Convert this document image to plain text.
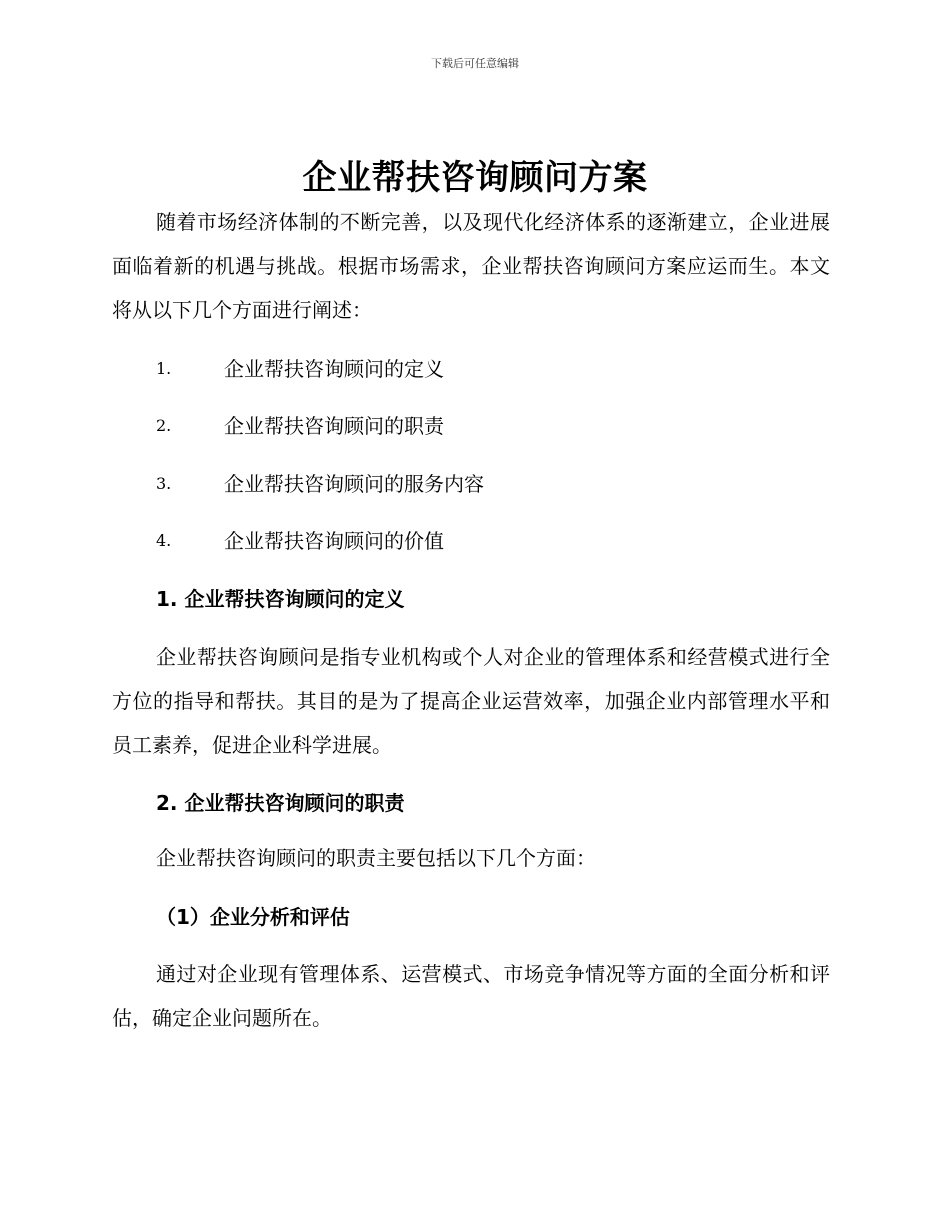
下载后可任意编辑
企业帮扶咨询顾问方案

随着市场经济体制的不断完善，以及现代化经济体系的逐渐建立，企业进展面临着新的机遇与挑战。根据市场需求，企业帮扶咨询顾问方案应运而生。本文将从以下几个方面进行阐述：

1.	企业帮扶咨询顾问的定义
2.	企业帮扶咨询顾问的职责
3.	企业帮扶咨询顾问的服务内容
4.	企业帮扶咨询顾问的价值
1. 企业帮扶咨询顾问的定义

企业帮扶咨询顾问是指专业机构或个人对企业的管理体系和经营模式进行全方位的指导和帮扶。其目的是为了提高企业运营效率，加强企业内部管理水平和员工素养，促进企业科学进展。

2. 企业帮扶咨询顾问的职责

企业帮扶咨询顾问的职责主要包括以下几个方面：

（1）企业分析和评估

通过对企业现有管理体系、运营模式、市场竞争情况等方面的全面分析和评估，确定企业问题所在。
